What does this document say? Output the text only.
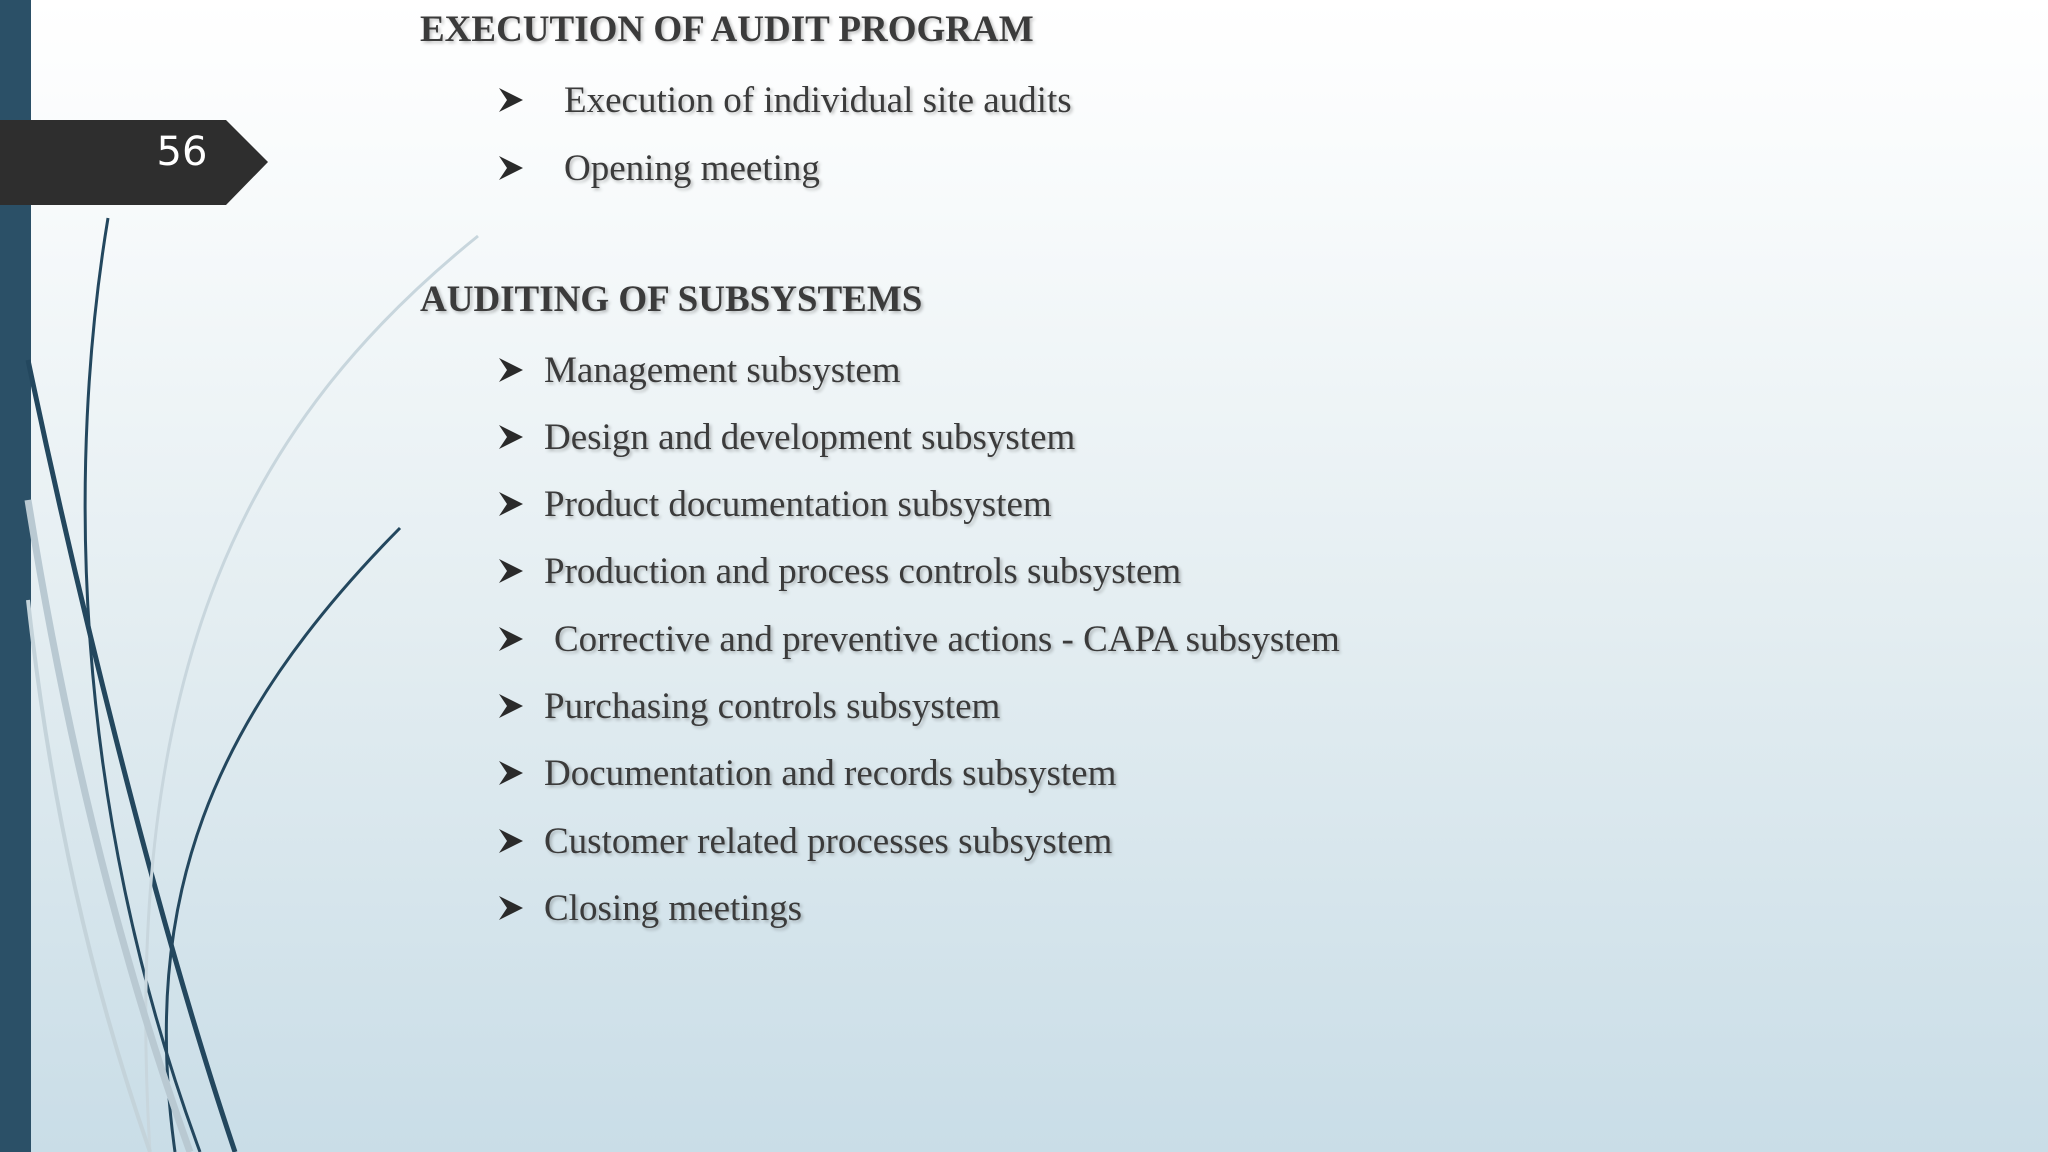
56
EXECUTION OF AUDIT PROGRAM
Execution of individual site audits
Opening meeting
AUDITING OF SUBSYSTEMS
Management subsystem
Design and development subsystem
Product documentation subsystem
Production and process controls subsystem
Corrective and preventive actions - CAPA subsystem
Purchasing controls subsystem
Documentation and records subsystem
Customer related processes subsystem
Closing meetings
